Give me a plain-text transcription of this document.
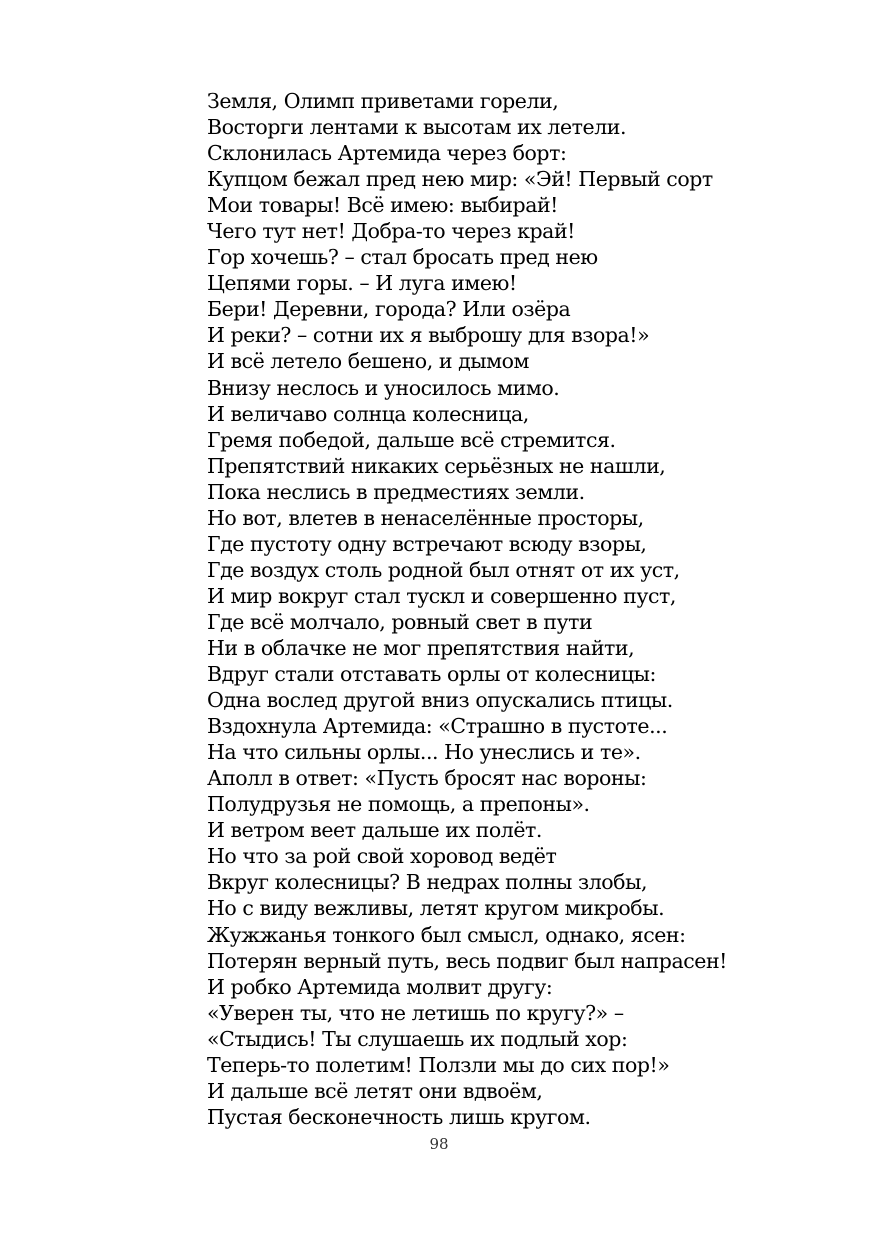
Земля, Олимп приветами горели,
Восторги лентами к высотам их летели.
Склонилась Артемида через борт:
Купцом бежал пред нею мир: «Эй! Первый сорт
Мои товары! Всё имею: выбирай!
Чего тут нет! Добра-то через край!
Гор хочешь? – стал бросать пред нею
Цепями горы. – И луга имею!
Бери! Деревни, города? Или озёра
И реки? – сотни их я выброшу для взора!»
И всё летело бешено, и дымом
Внизу неслось и уносилось мимо.
И величаво солнца колесница,
Гремя победой, дальше всё стремится.
Препятствий никаких серьёзных не нашли,
Пока неслись в предместиях земли.
Но вот, влетев в ненаселённые просторы,
Где пустоту одну встречают всюду взоры,
Где воздух столь родной был отнят от их уст,
И мир вокруг стал тускл и совершенно пуст,
Где всё молчало, ровный свет в пути
Ни в облачке не мог препятствия найти,
Вдруг стали отставать орлы от колесницы:
Одна вослед другой вниз опускались птицы.
Вздохнула Артемида: «Страшно в пустоте...
На что сильны орлы... Но унеслись и те».
Аполл в ответ: «Пусть бросят нас вороны:
Полудрузья не помощь, а препоны».
И ветром веет дальше их полёт.
Но что за рой свой хоровод ведёт
Вкруг колесницы? В недрах полны злобы,
Но с виду вежливы, летят кругом микробы.
Жужжанья тонкого был смысл, однако, ясен:
Потерян верный путь, весь подвиг был напрасен!
И робко Артемида молвит другу:
«Уверен ты, что не летишь по кругу?» –
«Стыдись! Ты слушаешь их подлый хор:
Теперь-то полетим! Ползли мы до сих пор!»
И дальше всё летят они вдвоём,
Пустая бесконечность лишь кругом.
98
